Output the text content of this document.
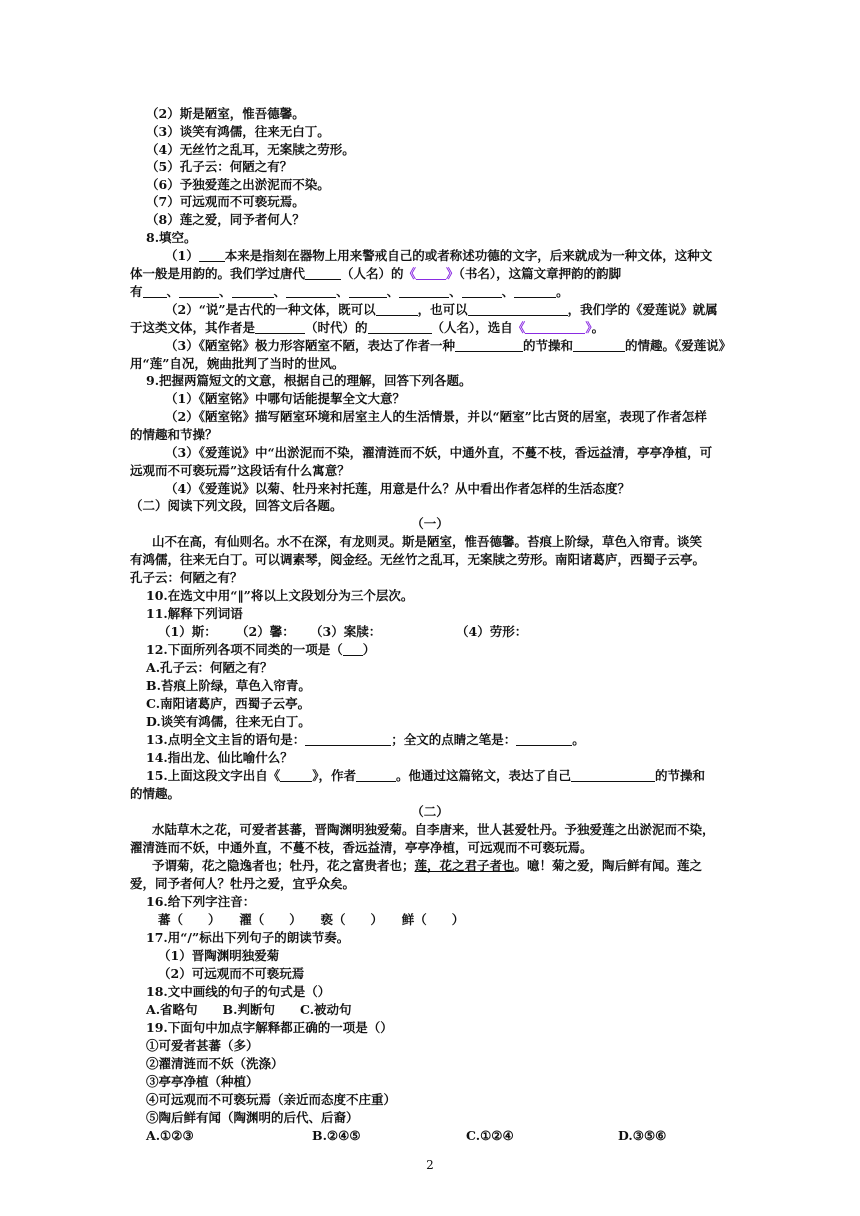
（2）斯是陋室，惟吾德馨。
（3）谈笑有鸿儒，往来无白丁。
（4）无丝竹之乱耳，无案牍之劳形。
（5）孔子云：何陋之有？
（6）予独爱莲之出淤泥而不染。
（7）可远观而不可亵玩焉。
（8）莲之爱，同予者何人？
8.填空。
（1） 本来是指刻在器物上用来警戒自己的或者称述功德的文字，后来就成为一种文体，这种文
体一般是用韵的。我们学过唐代	（人名）的《 》（书名），这篇文章押韵的韵脚
有 、	、	、	、	、	、	、	。
（2）“说”是古代的一种文体，既可以	，也可以	，我们学的《爱莲说》就属
于这类文体，其作者是	（时代）的	（人名），选自《	》。
（3）《陋室铭》极力形容陋室不陋，表达了作者一种	的节操和	的情趣。《爱莲说》
用“莲”自况，婉曲批判了当时的世风。
9.把握两篇短文的文意，根据自己的理解，回答下列各题。
（1）《陋室铭》中哪句话能提挈全文大意？
（2）《陋室铭》描写陋室环境和居室主人的生活情景，并以“陋室”比古贤的居室，表现了作者怎样
的情趣和节操？
（3）《爱莲说》中“出淤泥而不染，濯清涟而不妖，中通外直，不蔓不枝，香远益清，亭亭净植，可
远观而不可亵玩焉”这段话有什么寓意？
（4）《爱莲说》以菊、牡丹来衬托莲，用意是什么？从中看出作者怎样的生活态度？
（二）阅读下列文段，回答文后各题。
（一）
山不在高，有仙则名。水不在深，有龙则灵。斯是陋室，惟吾德馨。苔痕上阶绿，草色入帘青。谈笑
有鸿儒，往来无白丁。可以调素琴，阅金经。无丝竹之乱耳，无案牍之劳形。南阳诸葛庐，西蜀子云亭。
孔子云：何陋之有？
10.在选文中用“‖”将以上文段划分为三个层次。
11.解释下列词语
（1）斯： （2）馨： （3）案牍：	（4）劳形：
12.下面所列各项不同类的一项是（ ）
A.孔子云：何陋之有？
B.苔痕上阶绿，草色入帘青。
C.南阳诸葛庐，西蜀子云亭。
D.谈笑有鸿儒，往来无白丁。
13.点明全文主旨的语句是：	；全文的点睛之笔是：	。
14.指出龙、仙比喻什么？
15.上面这段文字出自《	》，作者	。他通过这篇铭文，表达了自己	的节操和
的情趣。
（二）
水陆草木之花，可爱者甚蕃，晋陶渊明独爱菊。自李唐来，世人甚爱牡丹。予独爱莲之出淤泥而不染，
濯清涟而不妖，中通外直，不蔓不枝，香远益清，亭亭净植，可远观而不可亵玩焉。
予谓菊，花之隐逸者也；牡丹，花之富贵者也；莲，花之君子者也。噫！菊之爱，陶后鲜有闻。莲之
爱，同予者何人？牡丹之爱，宜乎众矣。
16.给下列字注音：
蕃（　　）　　濯（　　）　　亵（　　）　　鲜（　　）
17.用“/”标出下列句子的朗读节奏。
（1）晋陶渊明独爱菊
（2）可远观而不可亵玩焉
18.文中画线的句子的句式是（）
A.省略句　　B.判断句　　C.被动句
19.下面句中加点字解释都正确的一项是（）
①可爱者甚蕃（多）
②濯清涟而不妖（洗涤）
③亭亭净植（种植）
④可远观而不可亵玩焉（亲近而态度不庄重）
⑤陶后鲜有闻（陶渊明的后代、后裔）
A.①②③	B.②④⑤	C.①②④	D.③⑤⑥
2
